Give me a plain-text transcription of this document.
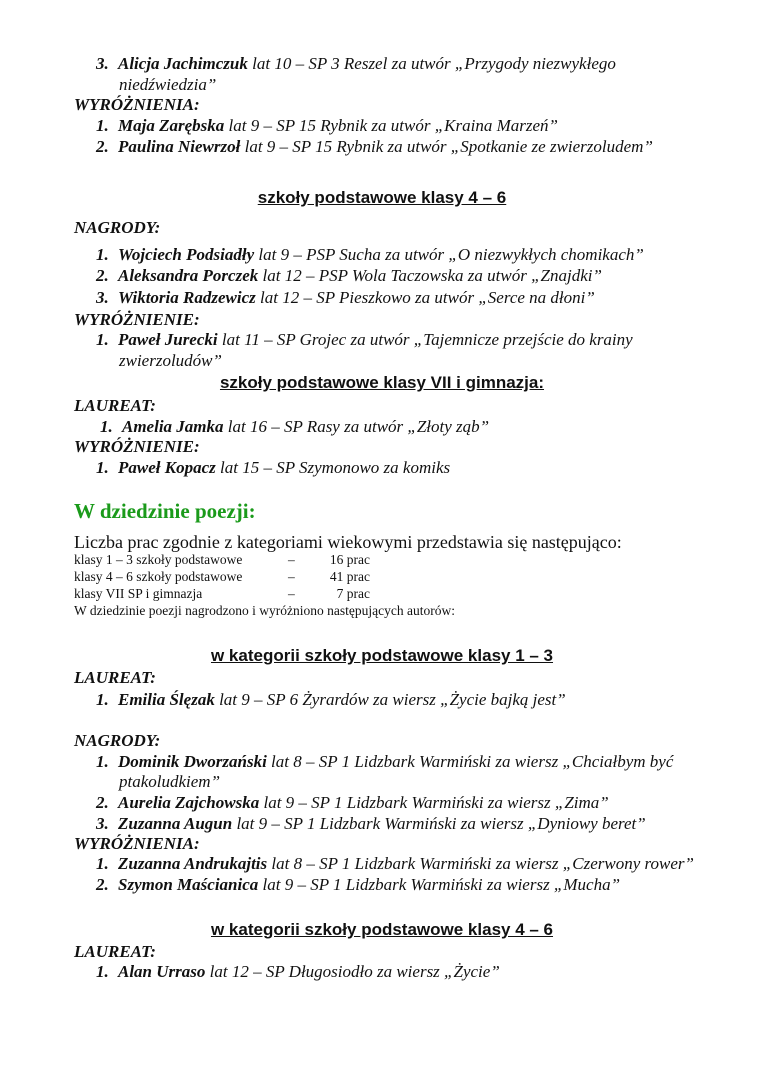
3. Alicja Jachimczuk lat 10 – SP 3 Reszel za utwór „Przygody niezwykłego
niedźwiedzia”
WYRÓŻNIENIA:
1. Maja Zarębska lat 9 – SP 15 Rybnik za utwór „Kraina Marzeń”
2. Paulina Niewrzoł lat 9 – SP 15 Rybnik za utwór „Spotkanie ze zwierzoludem”
szkoły podstawowe klasy 4 – 6
NAGRODY:
1. Wojciech Podsiadły lat 9 – PSP Sucha za utwór „O niezwykłych chomikach”
2. Aleksandra Porczek lat 12 – PSP Wola Taczowska za utwór „Znajdki”
3. Wiktoria Radzewicz lat 12 – SP Pieszkowo za utwór „Serce na dłoni”
WYRÓŻNIENIE:
1. Paweł Jurecki lat 11 – SP Grojec za utwór „Tajemnicze przejście do krainy
zwierzoludów”
szkoły podstawowe klasy VII i gimnazja:
LAUREAT:
1. Amelia Jamka lat 16 – SP Rasy za utwór „Złoty ząb”
WYRÓŻNIENIE:
1. Paweł Kopacz lat 15 – SP Szymonowo za komiks
W dziedzinie poezji:
Liczba prac zgodnie z kategoriami wiekowymi przedstawia się następująco:
klasy 1 – 3 szkoły podstawowe	–	16 prac
klasy 4 – 6 szkoły podstawowe	–	41 prac
klasy VII SP i gimnazja	–	7 prac
W dziedzinie poezji nagrodzono i wyróżniono następujących autorów:
w kategorii szkoły podstawowe klasy 1 – 3
LAUREAT:
1. Emilia Ślęzak lat 9 – SP 6 Żyrardów za wiersz „Życie bajką jest”
NAGRODY:
1. Dominik Dworzański lat 8 – SP 1 Lidzbark Warmiński za wiersz „Chciałbym być
ptakoludkiem”
2. Aurelia Zajchowska lat 9 – SP 1 Lidzbark Warmiński za wiersz „Zima”
3. Zuzanna Augun lat 9 – SP 1 Lidzbark Warmiński za wiersz „Dyniowy beret”
WYRÓŻNIENIA:
1. Zuzanna Andrukajtis lat 8 – SP 1 Lidzbark Warmiński za wiersz „Czerwony rower”
2. Szymon Maścianica lat 9 – SP 1 Lidzbark Warmiński za wiersz „Mucha”
w kategorii szkoły podstawowe klasy 4 – 6
LAUREAT:
1. Alan Urraso lat 12 – SP Długosiodło za wiersz „Życie”
